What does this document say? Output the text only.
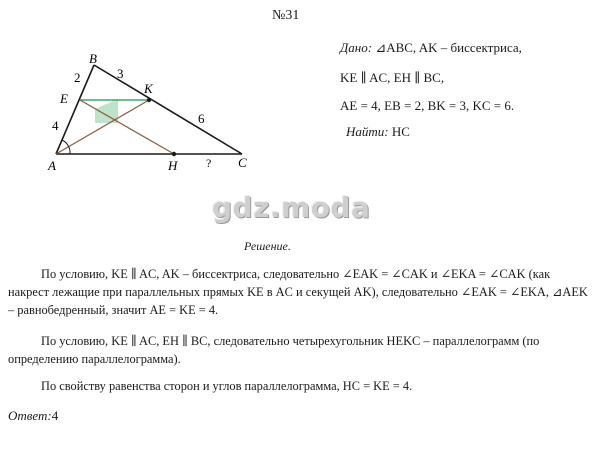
№31
Дано: ⊿ABC, AK – биссектриса,
KE ∥ AC, EH ∥ BC,
AE = 4, EB = 2, BK = 3, KC = 6.
Найти: HC
B
E
K
A	H	C
2	3
4	6
?
gdz.moda
Решение.
По условию, KE ∥ AC, AK – биссектриса, следовательно ∠EAK = ∠CAK и ∠EKA = ∠CAK (как накрест лежащие при параллельных прямых KE в AC и секущей AK), следовательно ∠EAK = ∠EKA, ⊿AEK – равнобедренный, значит AE = KE = 4.
По условию, KE ∥ AC, EH ∥ BC, следовательно четырехугольник HEKC – параллелограмм (по определению параллелограмма).
По свойству равенства сторон и углов параллелограмма, HC = KE = 4.
Ответ:4
